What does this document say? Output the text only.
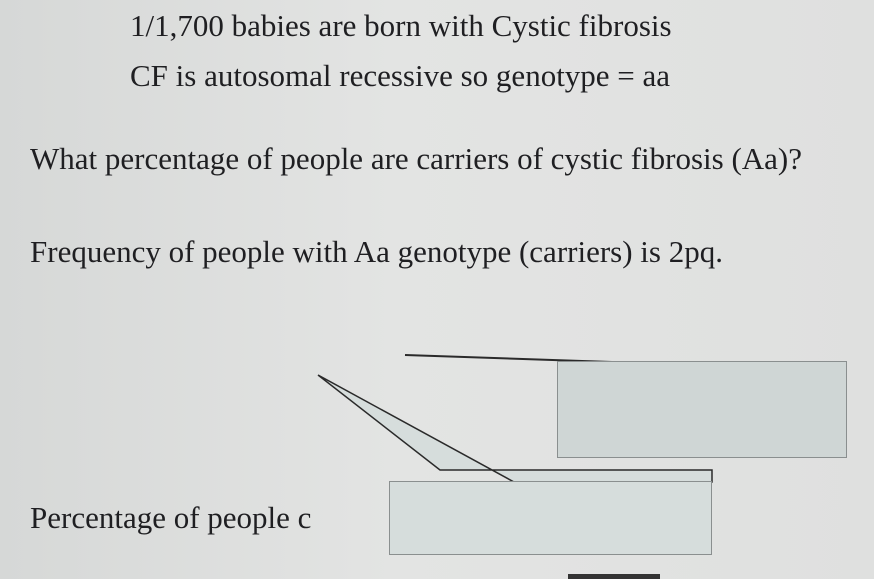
1/1,700 babies are born with Cystic fibrosis
CF is autosomal recessive so genotype = aa
What percentage of people are carriers of cystic fibrosis (Aa)?
Frequency of people with Aa genotype (carriers) is 2pq.
Percentage of people c
